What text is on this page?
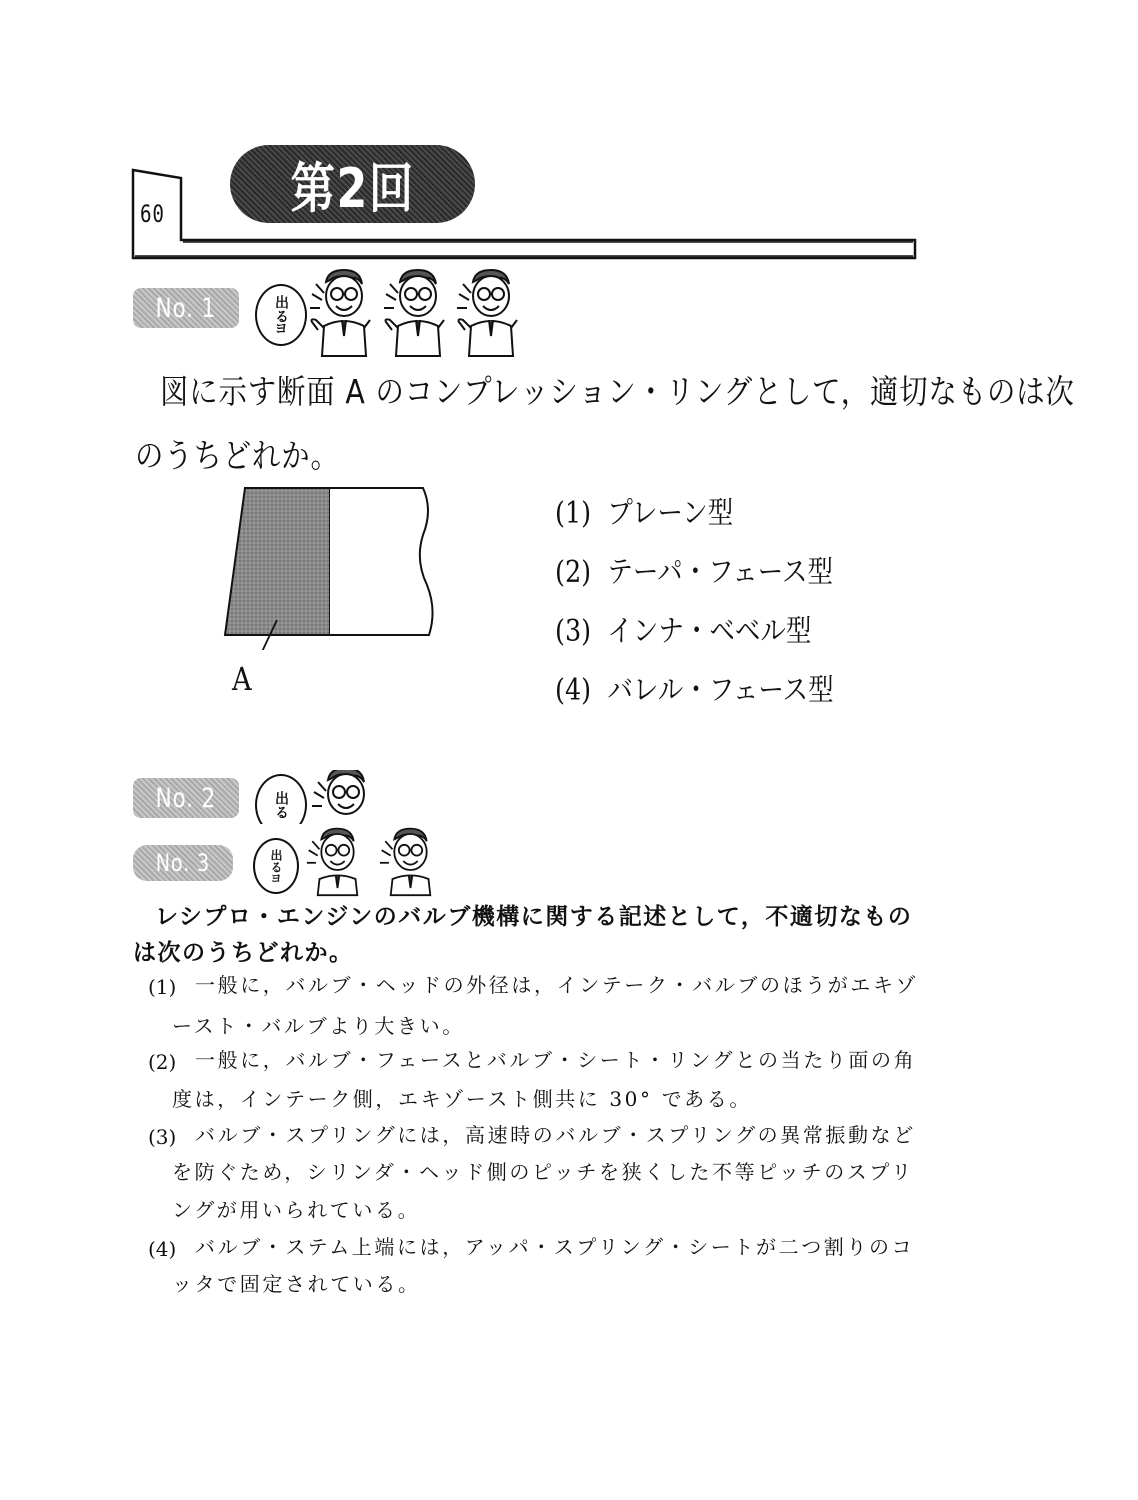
60 第2回
No. 1	出る
ヨ
図に示す断面 A のコンプレッション・リングとして，適切なものは次
のうちどれか。
A
(1) プレーン型
(2) テーパ・フェース型
(3) インナ・ベベル型
(4) バレル・フェース型
No. 2	出る
No. 3	出る
ヨ
レシプロ・エンジンのバルブ機構に関する記述として，不適切なもの
は次のうちどれか。
(1) 一般に，バルブ・ヘッドの外径は，インテーク・バルブのほうがエキゾ
ースト・バルブより大きい。
(2) 一般に，バルブ・フェースとバルブ・シート・リングとの当たり面の角
度は，インテーク側，エキゾースト側共に 30° である。
(3) バルブ・スプリングには，高速時のバルブ・スプリングの異常振動など
を防ぐため，シリンダ・ヘッド側のピッチを狭くした不等ピッチのスプリ
ングが用いられている。
(4) バルブ・ステム上端には，アッパ・スプリング・シートが二つ割りのコ
ッタで固定されている。
